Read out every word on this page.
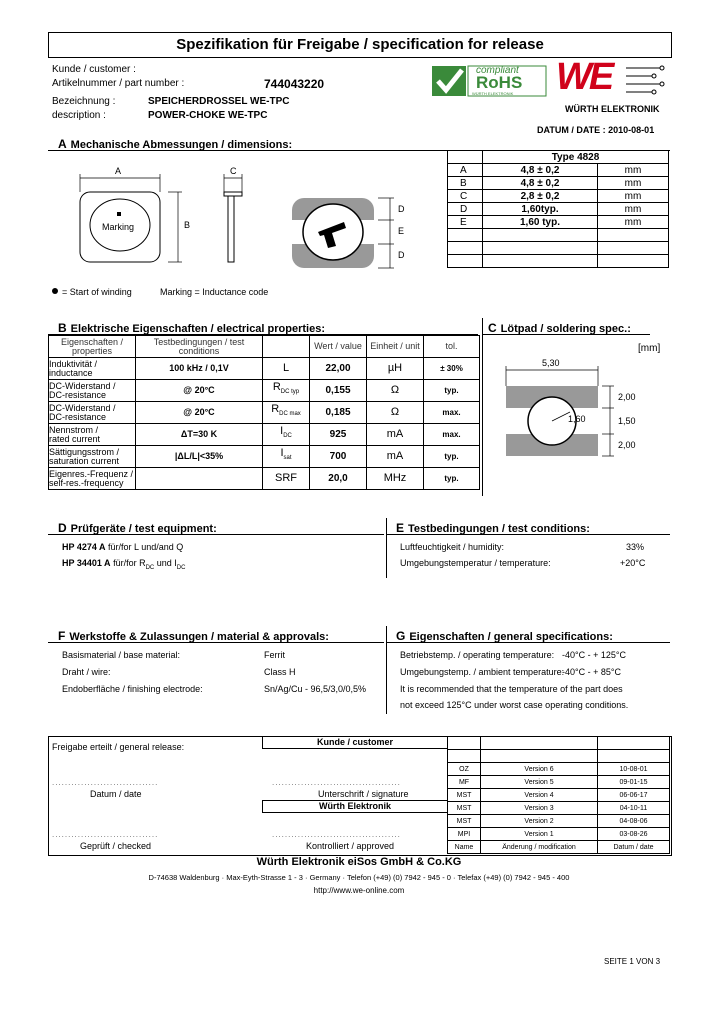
Spezifikation für Freigabe / specification for release
Kunde / customer :
Artikelnummer / part number :	744043220
Bezeichnung :	SPEICHERDROSSEL WE-TPC
description :	POWER-CHOKE WE-TPC
compliant
RoHS
WÜRTH ELEKTRONIK WE
WÜRTH ELEKTRONIK
DATUM / DATE : 2010-08-01
A Mechanische Abmessungen / dimensions:
A
B
C
Marking
D
E
D
= Start of winding	Marking = Inductance code
	Type 4828	
A	4,8 ± 0,2	mm
B	4,8 ± 0,2	mm
C	2,8 ± 0,2	mm
D	1,60typ.	mm
E	1,60 typ.	mm

B Elektrische Eigenschaften / electrical properties:
Eigenschaften / properties	Testbedingungen / test conditions		Wert / value	Einheit / unit	tol.

Induktivität /
inductance	100 kHz / 0,1V	L	22,00	µH	± 30%

DC-Widerstand /
DC-resistance	@ 20°C	$R_{DC typ}$	0,155	Ω	typ.

DC-Widerstand /
DC-resistance	@ 20°C	$R_{DC max}$	0,185	Ω	max.

Nennstrom /
rated current	ΔT=30 K	$I_{DC}$	925	mA	max.

Sättigungsstrom /
saturation current	|ΔL/L|<35%	$I_{sat}$	700	mA	typ.

Eigenres.-Frequenz /
self-res.-frequency		SRF	20,0	MHz	typ.
C Lötpad / soldering spec.:
[mm]
5,30
2,00
1,50
2,00
1,60
D Prüfgeräte / test equipment:
HP 4274 A für/for L und/and Q
HP 34401 A für/for $R_{DC}$ und $I_{DC}$
E Testbedingungen / test conditions:
Luftfeuchtigkeit / humidity:	33%
Umgebungstemperatur / temperature:	+20°C
F Werkstoffe & Zulassungen / material & approvals:
Basismaterial / base material:	Ferrit
Draht / wire:	Class H
Endoberfläche / finishing electrode:	Sn/Ag/Cu - 96,5/3,0/0,5%
G Eigenschaften / general specifications:
Betriebstemp. / operating temperature: -40°C - + 125°C
Umgebungstemp. / ambient temperature:
-40°C - + 85°C
It is recommended that the temperature of the part does
not exceed 125°C under worst case operating conditions.
Freigabe erteilt / general release:	Kunde / customer
Würth Elektronik
.................................	........................................
Datum / date	Unterschrift / signature
.................................	........................................
Geprüft / checked	Kontrolliert / approved

OZ	Version 6	10-08-01
MF	Version 5	09-01-15
MST	Version 4	06-06-17
MST	Version 3	04-10-11
MST	Version 2	04-08-06
MPI	Version 1	03-08-26
Name	Änderung / modification	Datum / date
Würth Elektronik eiSos GmbH & Co.KG
D-74638 Waldenburg · Max-Eyth-Strasse 1 - 3 · Germany · Telefon (+49) (0) 7942 - 945 - 0 · Telefax (+49) (0) 7942 - 945 - 400
http://www.we-online.com
SEITE 1 VON 3
